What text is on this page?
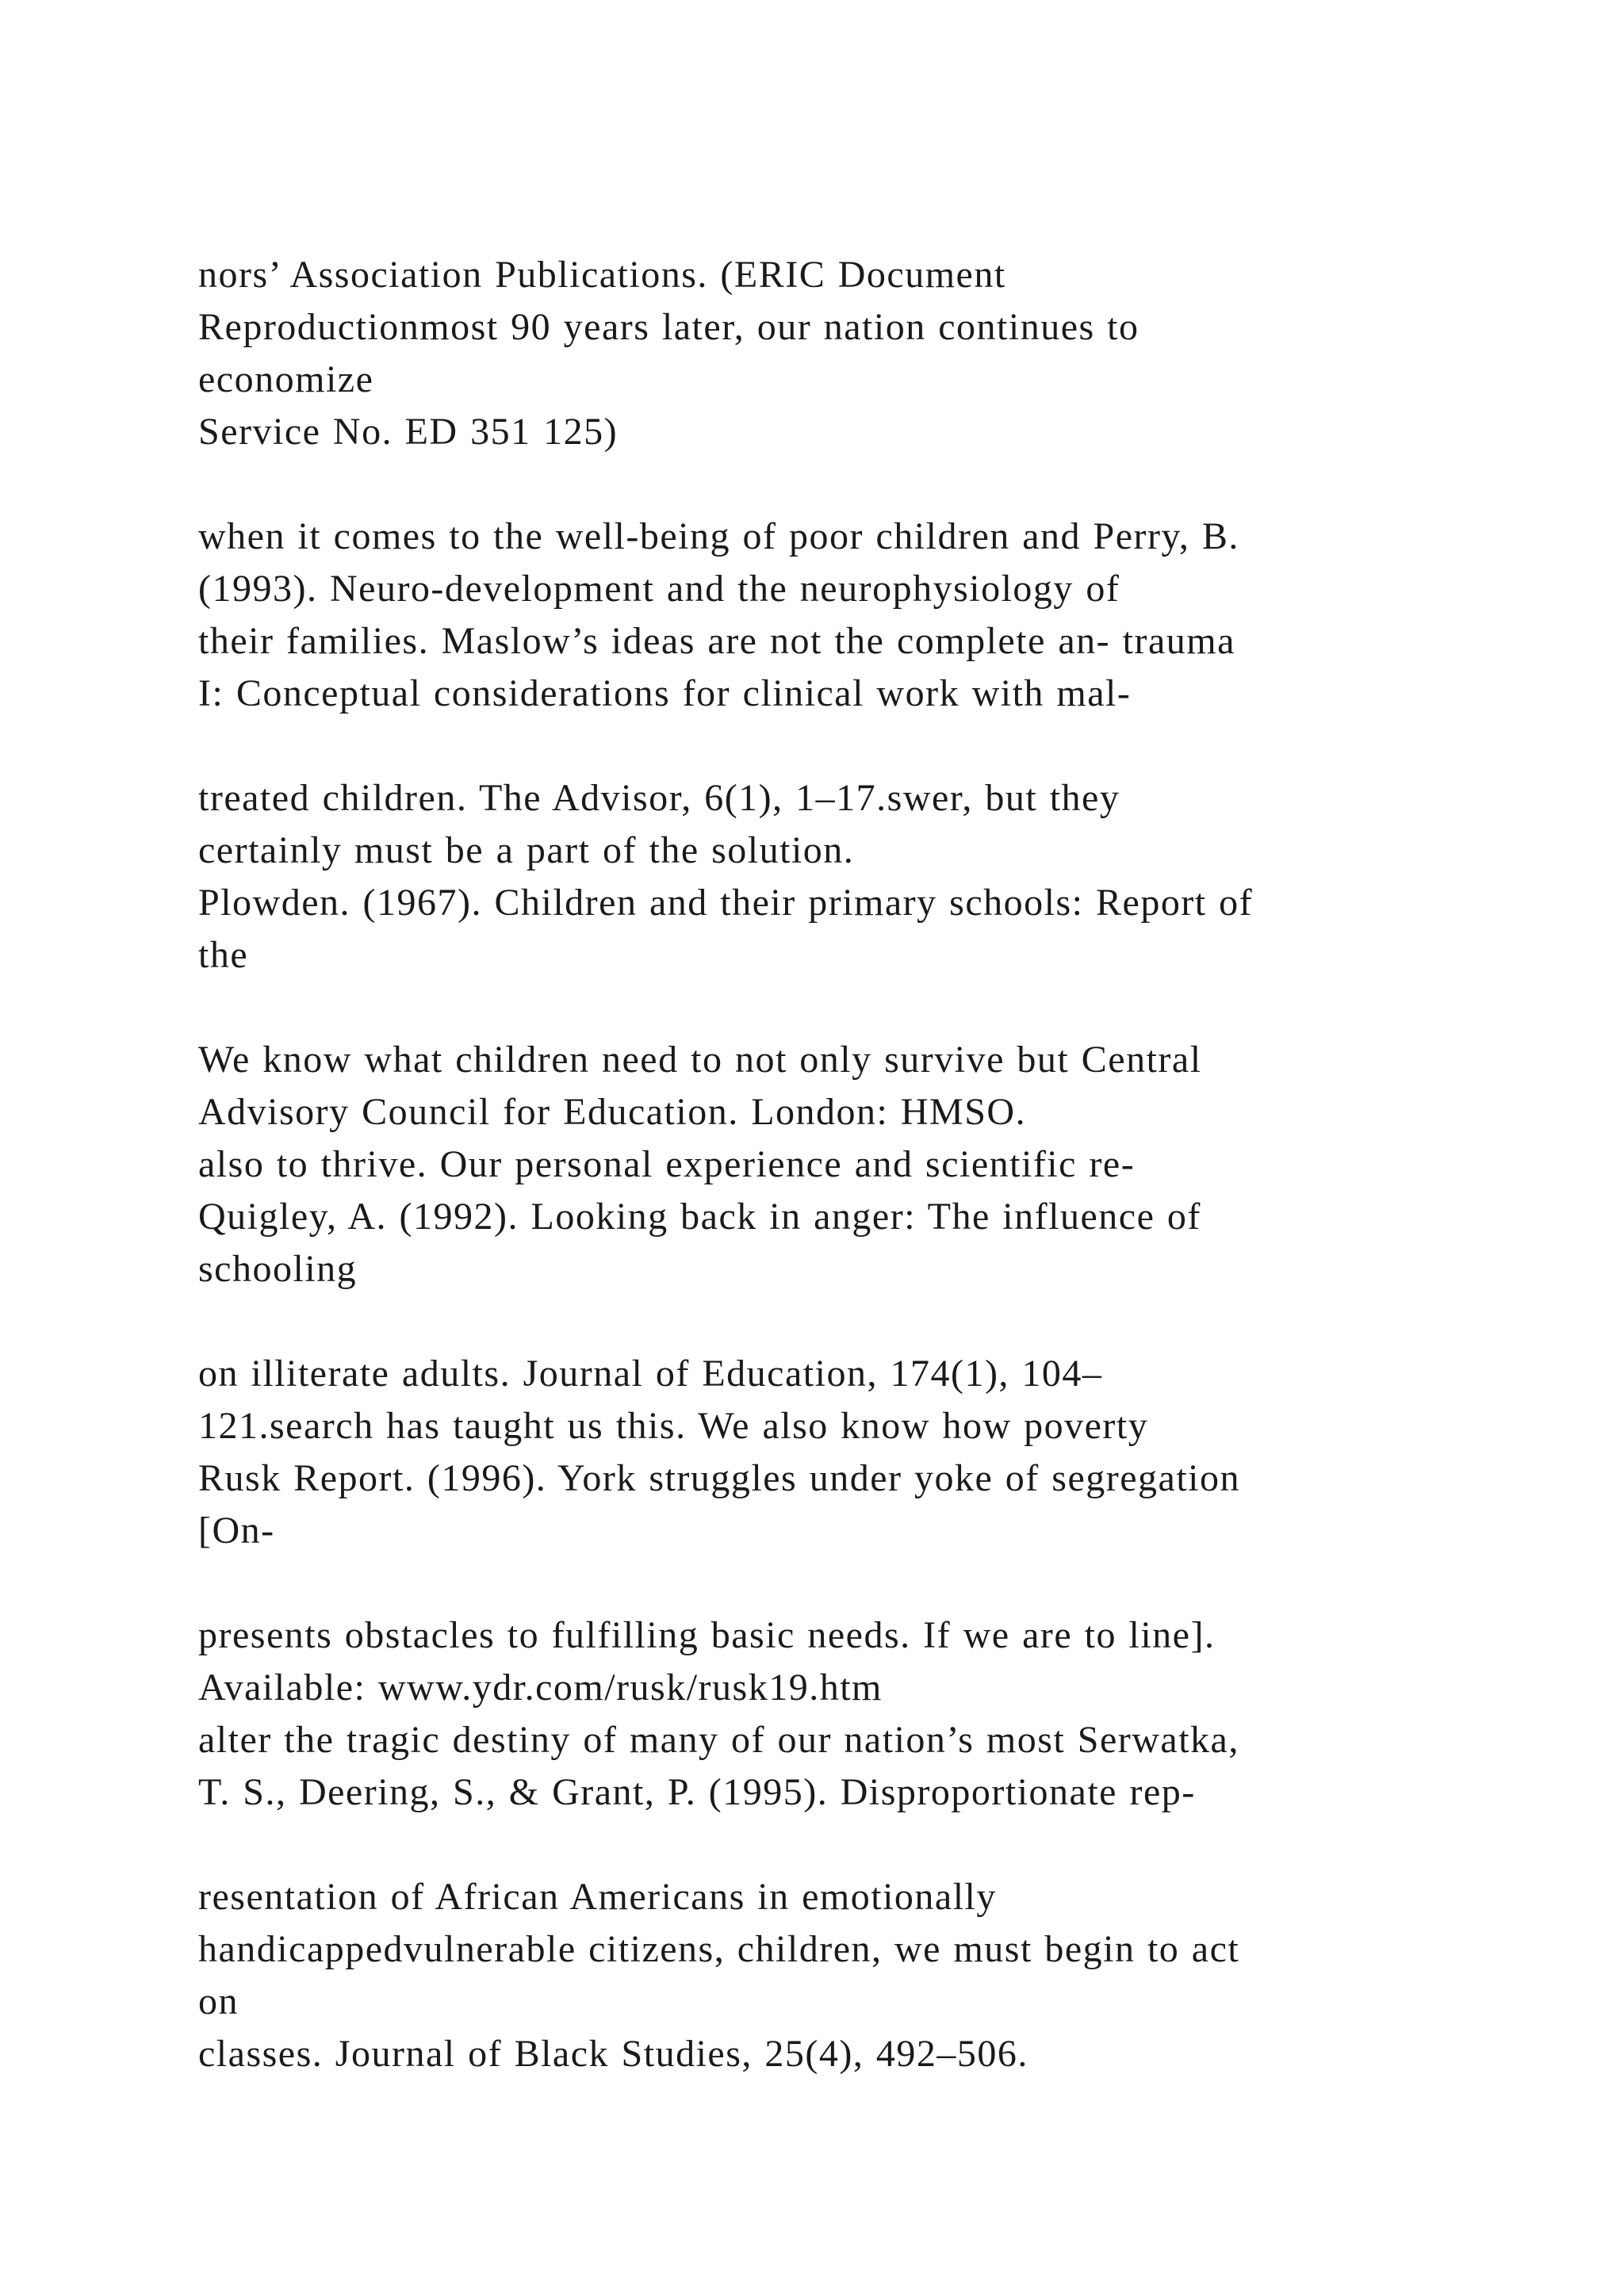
nors’ Association Publications. (ERIC Document
Reproductionmost 90 years later, our nation continues to
economize
Service No. ED 351 125)
when it comes to the well-being of poor children and Perry, B.
(1993). Neuro-development and the neurophysiology of
their families. Maslow’s ideas are not the complete an- trauma
I: Conceptual considerations for clinical work with mal-
treated children. The Advisor, 6(1), 1–17.swer, but they
certainly must be a part of the solution.
Plowden. (1967). Children and their primary schools: Report of
the
We know what children need to not only survive but Central
Advisory Council for Education. London: HMSO.
also to thrive. Our personal experience and scientific re-
Quigley, A. (1992). Looking back in anger: The influence of
schooling
on illiterate adults. Journal of Education, 174(1), 104–
121.search has taught us this. We also know how poverty
Rusk Report. (1996). York struggles under yoke of segregation
[On-
presents obstacles to fulfilling basic needs. If we are to line].
Available: www.ydr.com/rusk/rusk19.htm
alter the tragic destiny of many of our nation’s most Serwatka,
T. S., Deering, S., & Grant, P. (1995). Disproportionate rep-
resentation of African Americans in emotionally
handicappedvulnerable citizens, children, we must begin to act
on
classes. Journal of Black Studies, 25(4), 492–506.
